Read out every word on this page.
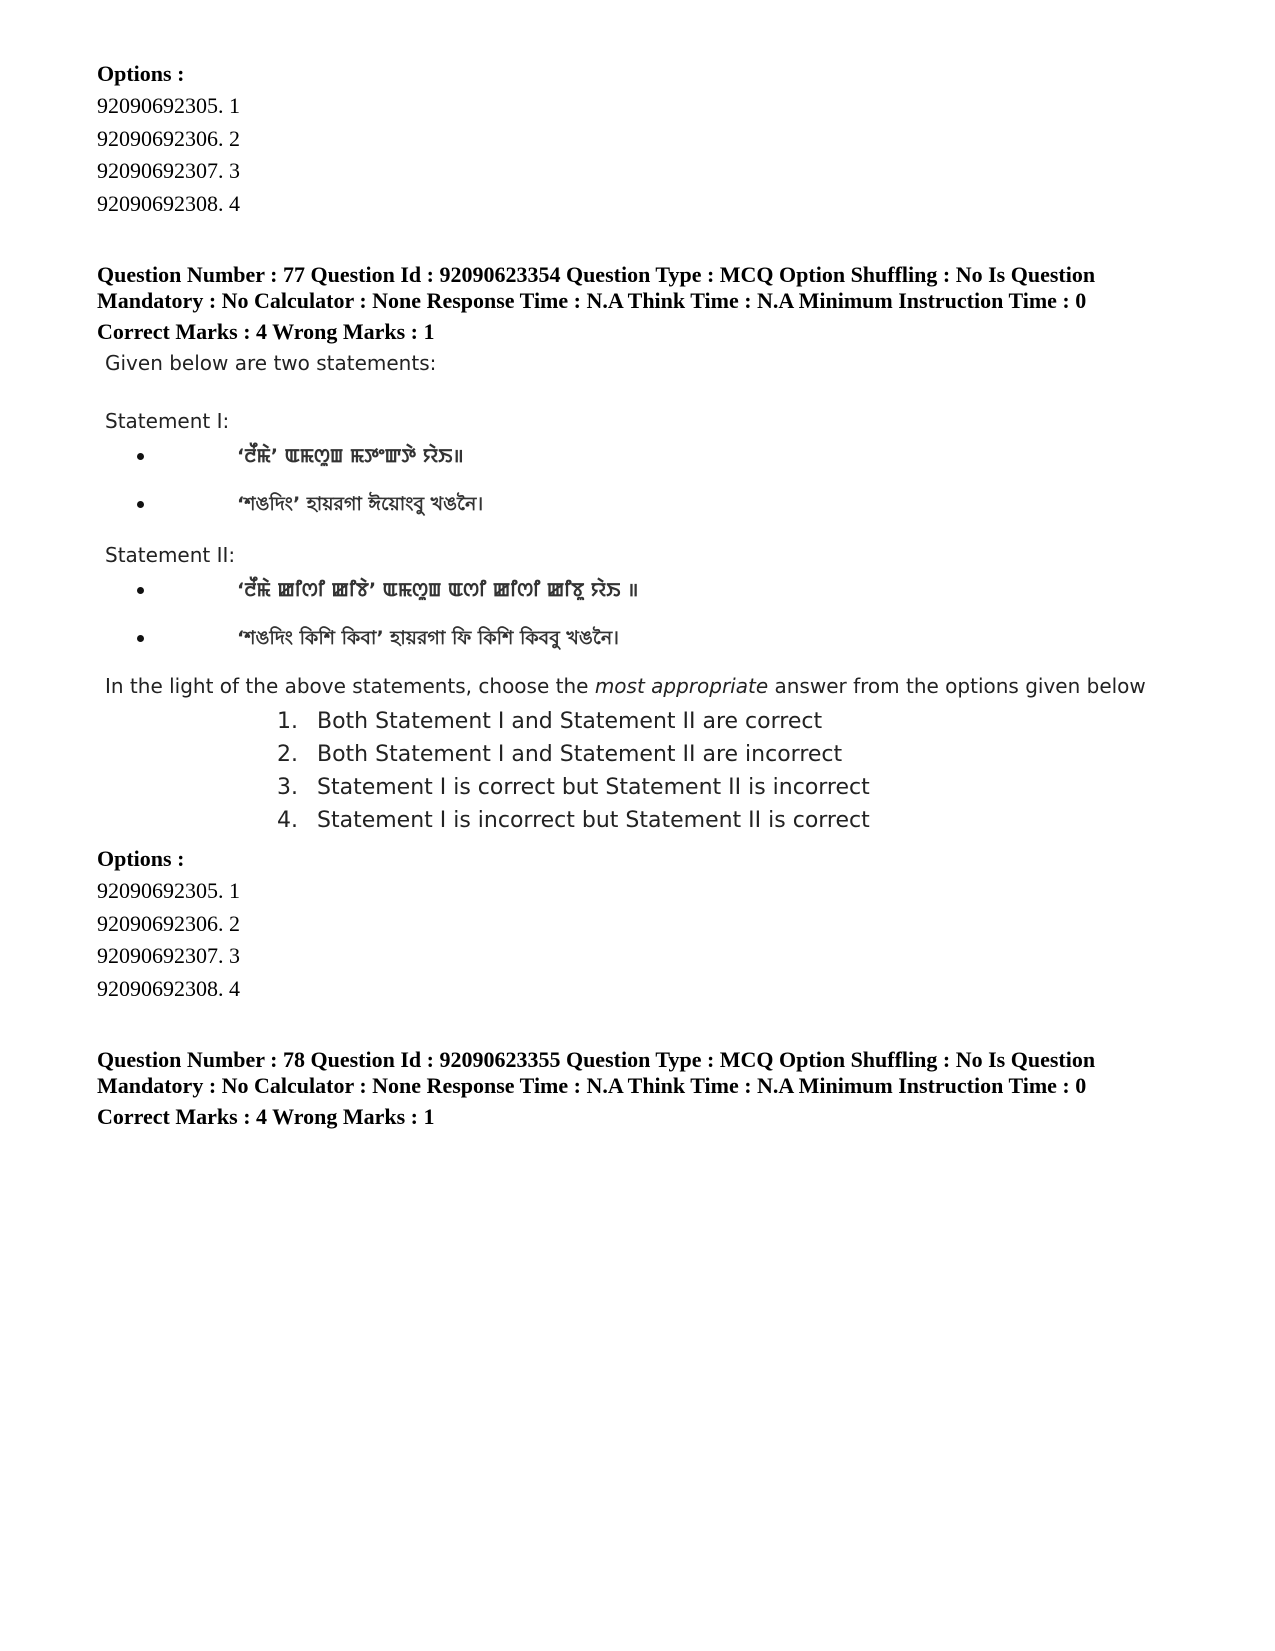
Options :
92090692305. 1
92090692306. 2
92090692307. 3
92090692308. 4

Question Number : 77 Question Id : 92090623354 Question Type : MCQ Option Shuffling : No Is Question

Mandatory : No Calculator : None Response Time : N.A Think Time : N.A Minimum Instruction Time : 0

Correct Marks : 4 Wrong Marks : 1

Given below are two statements:
Statement I:
‘ꯂꯩꯃꯥ’ ꯑꯃꯁꯨꯡ ꯃꯇꯦꯛꯇꯥ ꯌꯥꯏ॥
‘শঙদিং’ হায়রগা ঈয়োংবু খঙনৈ।
Statement II:
‘ꯂꯩꯃꯥ ꯀꯤꯁꯤ ꯀꯤꯕꯥ’ ꯑꯃꯁꯨꯡ ꯑꯁꯤ ꯀꯤꯁꯤ ꯀꯤꯕꯨ ꯌꯥꯏ ॥
‘শঙদিং কিশি কিবা’ হায়রগা ফি কিশি কিববু খঙনৈ।
In the light of the above statements, choose the most appropriate answer from the options given below
1. Both Statement I and Statement II are correct
2. Both Statement I and Statement II are incorrect
3. Statement I is correct but Statement II is incorrect
4. Statement I is incorrect but Statement II is correct
Options :
92090692305. 1
92090692306. 2
92090692307. 3
92090692308. 4

Question Number : 78 Question Id : 92090623355 Question Type : MCQ Option Shuffling : No Is Question

Mandatory : No Calculator : None Response Time : N.A Think Time : N.A Minimum Instruction Time : 0

Correct Marks : 4 Wrong Marks : 1
